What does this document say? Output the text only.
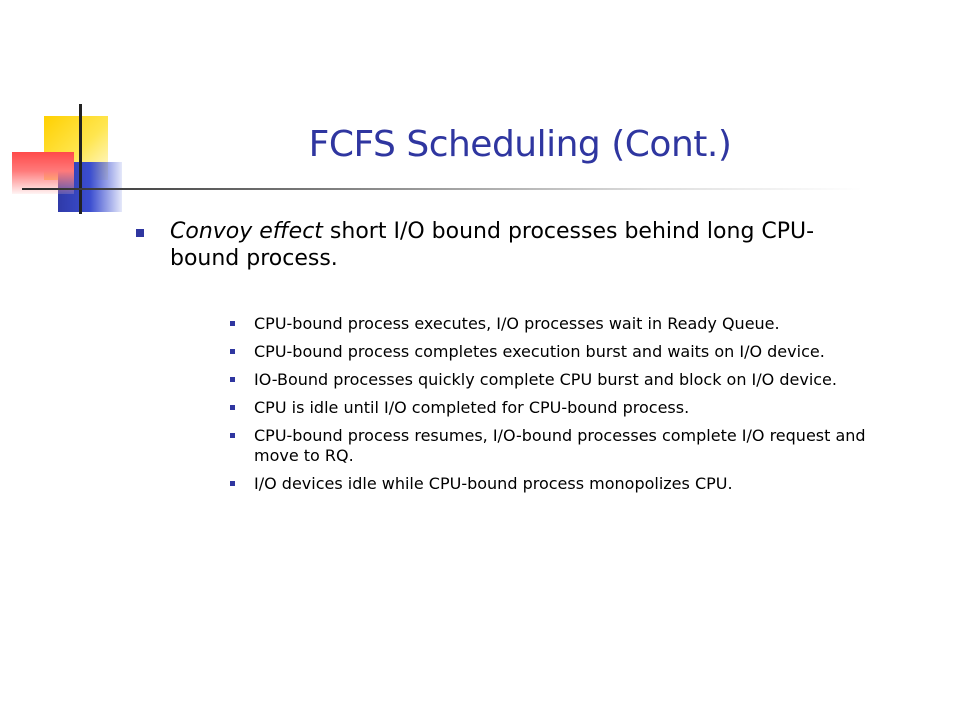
FCFS Scheduling (Cont.)
Convoy effect short I/O bound processes behind long CPU-bound process.
CPU-bound process executes, I/O processes wait in Ready Queue.
CPU-bound process completes execution burst and waits on I/O device.
IO-Bound processes quickly complete CPU burst and block on I/O device.
CPU is idle until I/O completed for CPU-bound process.
CPU-bound process resumes, I/O-bound processes complete I/O request and move to RQ.
I/O devices idle while CPU-bound process monopolizes CPU.
